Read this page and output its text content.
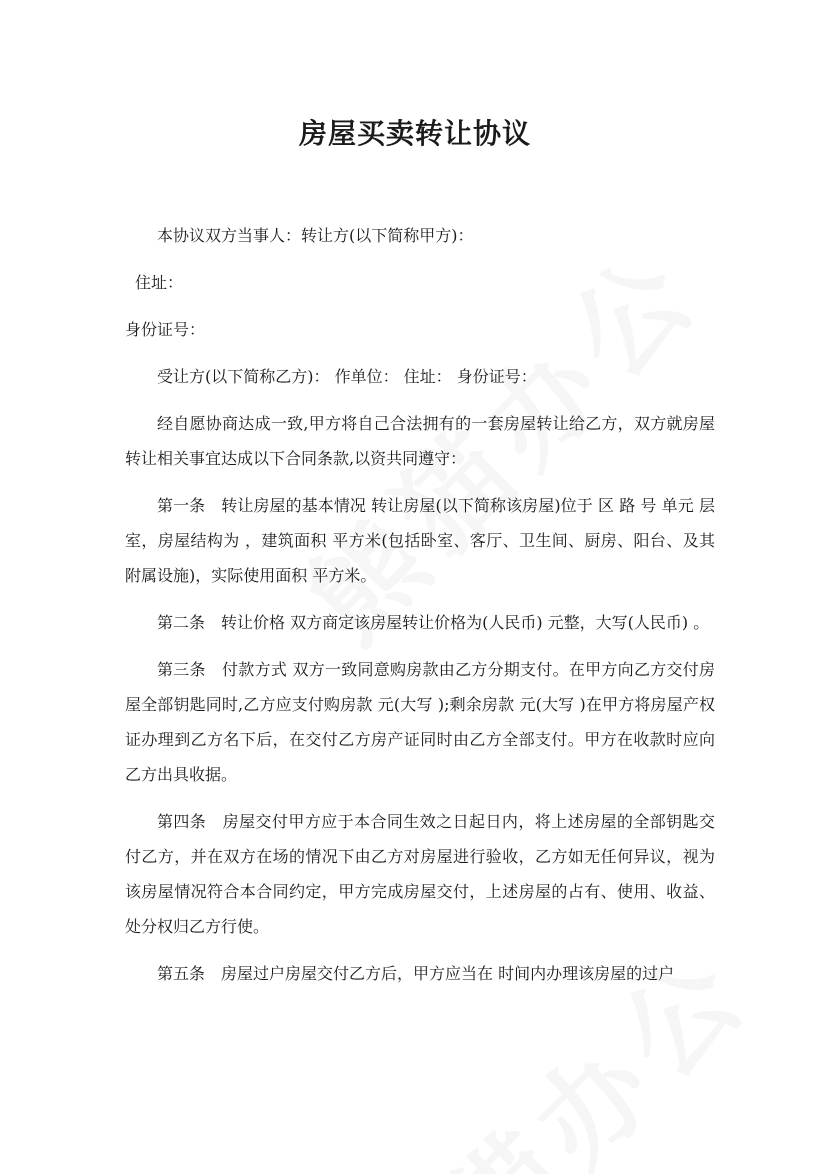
房屋买卖转让协议

本协议双方当事人：转让方(以下简称甲方)：

住址：

身份证号：

受让方(以下简称乙方)： 作单位： 住址： 身份证号：

经自愿协商达成一致,甲方将自己合法拥有的一套房屋转让给乙方，双方就房屋转让相关事宜达成以下合同条款,以资共同遵守：

第一条　转让房屋的基本情况 转让房屋(以下简称该房屋)位于 区 路 号 单元 层 室，房屋结构为 ，建筑面积 平方米(包括卧室、客厅、卫生间、厨房、阳台、及其附属设施)，实际使用面积 平方米。

第二条　转让价格 双方商定该房屋转让价格为(人民币) 元整，大写(人民币) 。

第三条　付款方式 双方一致同意购房款由乙方分期支付。在甲方向乙方交付房屋全部钥匙同时,乙方应支付购房款 元(大写 );剩余房款 元(大写 )在甲方将房屋产权证办理到乙方名下后，在交付乙方房产证同时由乙方全部支付。甲方在收款时应向乙方出具收据。

第四条　房屋交付甲方应于本合同生效之日起日内，将上述房屋的全部钥匙交付乙方，并在双方在场的情况下由乙方对房屋进行验收，乙方如无任何异议，视为该房屋情况符合本合同约定，甲方完成房屋交付，上述房屋的占有、使用、收益、处分权归乙方行使。

第五条　房屋过户房屋交付乙方后，甲方应当在 时间内办理该房屋的过户
